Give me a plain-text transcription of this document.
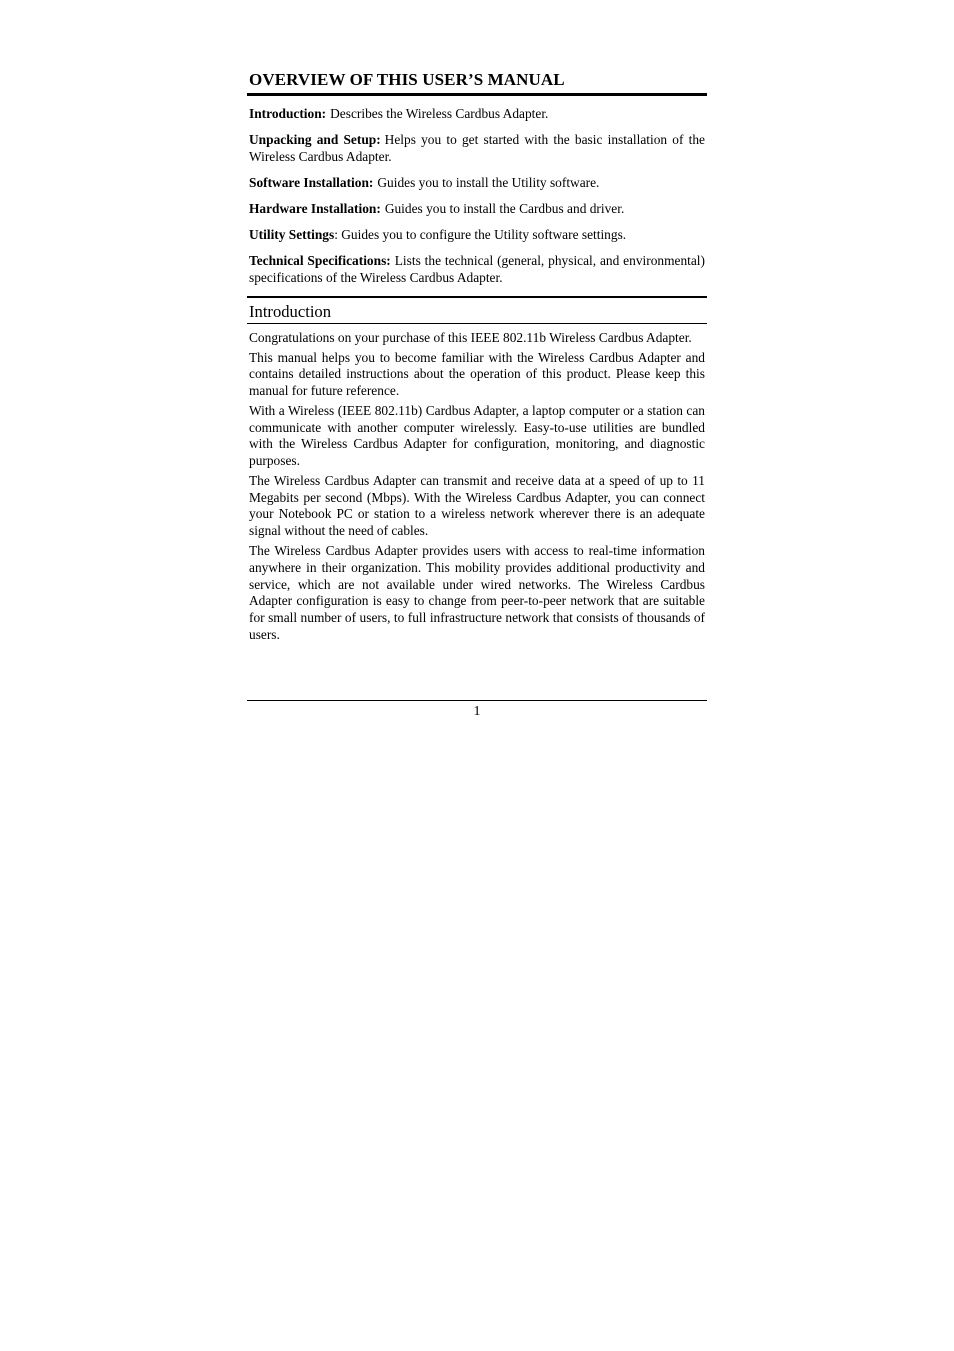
OVERVIEW OF THIS USER’S MANUAL

Introduction: Describes the Wireless Cardbus Adapter.

Unpacking and Setup: Helps you to get started with the basic installation of the Wireless Cardbus Adapter.

Software Installation: Guides you to install the Utility software.

Hardware Installation: Guides you to install the Cardbus and driver.

Utility Settings: Guides you to configure the Utility software settings.

Technical Specifications: Lists the technical (general, physical, and environmental) specifications of the Wireless Cardbus Adapter.

Introduction

Congratulations on your purchase of this IEEE 802.11b Wireless Cardbus Adapter.

This manual helps you to become familiar with the Wireless Cardbus Adapter and contains detailed instructions about the operation of this product. Please keep this manual for future reference.

With a Wireless (IEEE 802.11b) Cardbus Adapter, a laptop computer or a station can communicate with another computer wirelessly. Easy-to-use utilities are bundled with the Wireless Cardbus Adapter for configuration, monitoring, and diagnostic purposes.

The Wireless Cardbus Adapter can transmit and receive data at a speed of up to 11 Megabits per second (Mbps). With the Wireless Cardbus Adapter, you can connect your Notebook PC or station to a wireless network wherever there is an adequate signal without the need of cables.

The Wireless Cardbus Adapter provides users with access to real-time information anywhere in their organization. This mobility provides additional productivity and service, which are not available under wired networks. The Wireless Cardbus Adapter configuration is easy to change from peer-to-peer network that are suitable for small number of users, to full infrastructure network that consists of thousands of users.

1
